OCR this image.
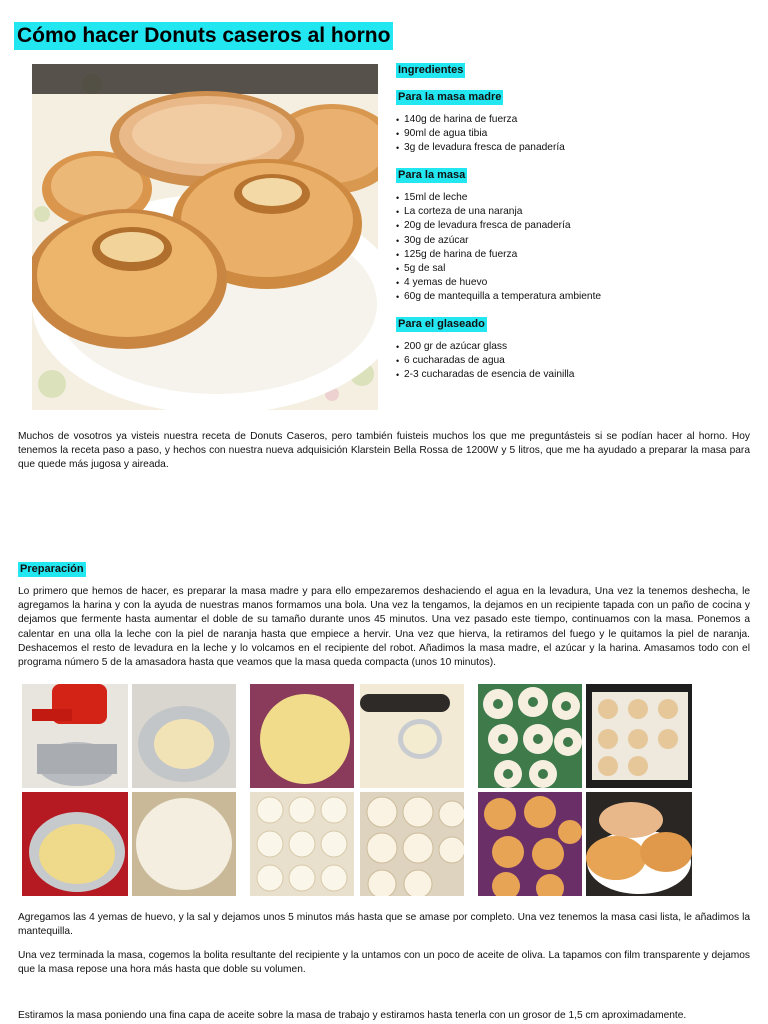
Cómo hacer Donuts caseros al horno
Ingredientes
Para la masa madre
• 140g de harina de fuerza
• 90ml de agua tibia
• 3g de levadura fresca de panadería
Para la masa
• 15ml de leche
• La corteza de una naranja
• 20g de levadura fresca de panadería
• 30g de azúcar
• 125g de harina de fuerza
• 5g de sal
• 4 yemas de huevo
• 60g de mantequilla a temperatura ambiente
Para el glaseado
• 200 gr de azúcar glass
• 6 cucharadas de agua
• 2-3 cucharadas de esencia de vainilla
Muchos de vosotros ya visteis nuestra receta de Donuts Caseros, pero también fuisteis muchos los que me preguntásteis si se podían hacer al horno. Hoy tenemos la receta paso a paso, y hechos con nuestra nueva adquisición Klarstein Bella Rossa de 1200W y 5 litros, que me ha ayudado a preparar la masa para que quede más jugosa y aireada.
Preparación
Lo primero que hemos de hacer, es preparar la masa madre y para ello empezaremos deshaciendo el agua en la levadura, Una vez la tenemos deshecha, le agregamos la harina y con la ayuda de nuestras manos formamos una bola. Una vez la tengamos, la dejamos en un recipiente tapada con un paño de cocina y dejamos que fermente hasta aumentar el doble de su tamaño durante unos 45 minutos. Una vez pasado este tiempo, continuamos con la masa. Ponemos a calentar en una olla la leche con la piel de naranja hasta que empiece a hervir. Una vez que hierva, la retiramos del fuego y le quitamos la piel de naranja. Deshacemos el resto de levadura en la leche y lo volcamos en el recipiente del robot. Añadimos la masa madre, el azúcar y la harina. Amasamos todo con el programa número 5 de la amasadora hasta que veamos que la masa queda compacta (unos 10 minutos).
Agregamos las 4 yemas de huevo, y la sal y dejamos unos 5 minutos más hasta que se amase por completo. Una vez tenemos la masa casi lista, le añadimos la mantequilla.
Una vez terminada la masa, cogemos la bolita resultante del recipiente y la untamos con un poco de aceite de oliva. La tapamos con film transparente y dejamos que la masa repose una hora más hasta que doble su volumen.
Estiramos la masa poniendo una fina capa de aceite sobre la masa de trabajo y estiramos hasta tenerla con un grosor de 1,5 cm aproximadamente.
